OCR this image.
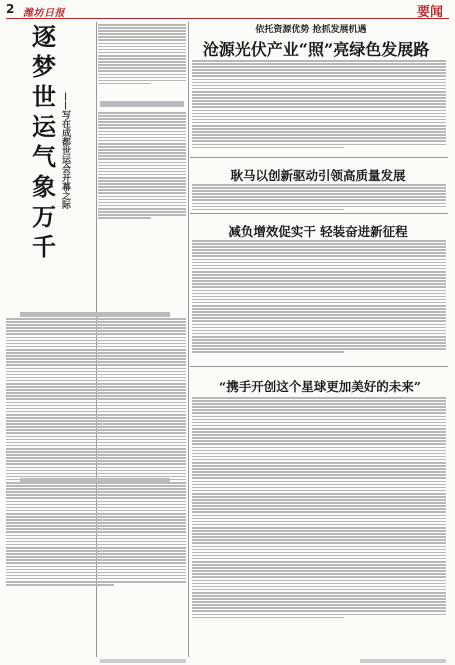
2 潍坊日报	要闻
逐
梦
世
运
气
象
万
千
——写在成都世运会开幕之际
依托资源优势 抢抓发展机遇
沧源光伏产业“照”亮绿色发展路
耿马以创新驱动引领高质量发展
减负增效促实干 轻装奋进新征程
“携手开创这个星球更加美好的未来”
